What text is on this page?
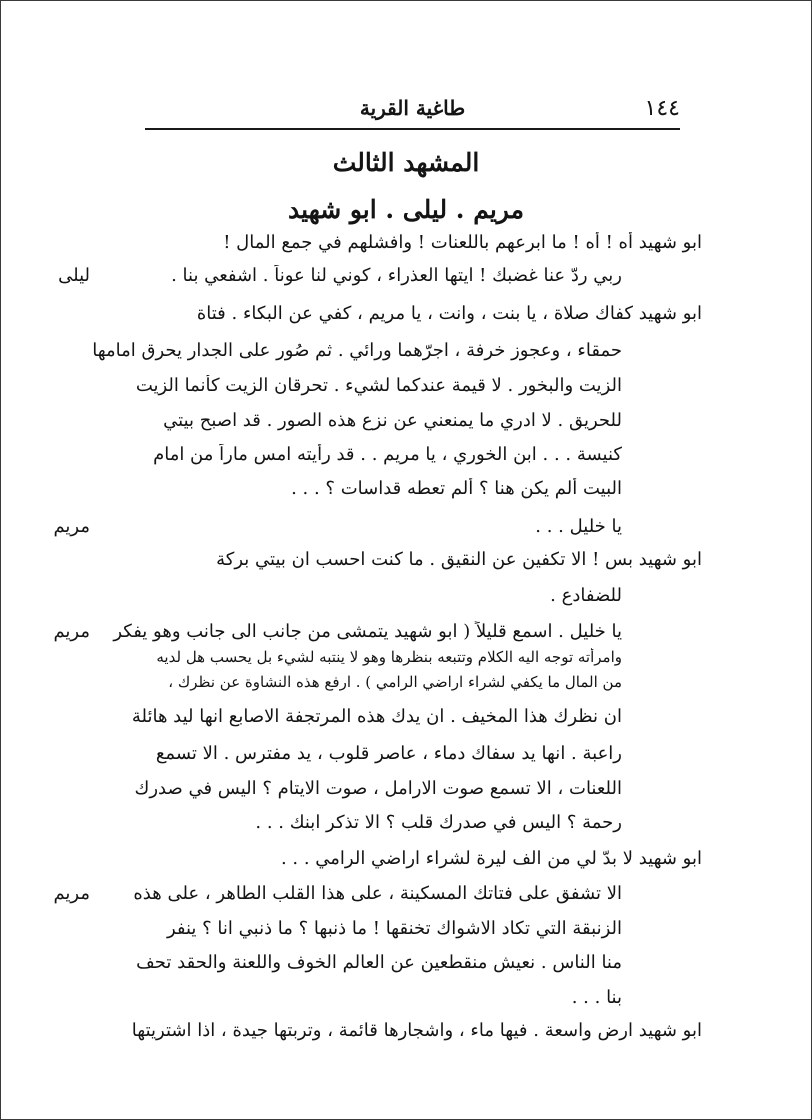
١٤٤
طاغية القرية
المشهد الثالث
مريم . ليلى . ابو شهيد
ابو شهيد أه ! أه ! ما ابرعهم باللعنات ! وافشلهم في جمع المال !
ليلى	ربي ردّ عنا غضبك ! ايتها العذراء ، كوني لنا عوناً . اشفعي بنا .
ابو شهيد كفاك صلاة ، يا بنت ، وانت ، يا مريم ، كفي عن البكاء . فتاة
حمقاء ، وعجوز خرفة ، اجرّهما ورائي . ثم صُور على الجدار يحرق امامها
الزيت والبخور . لا قيمة عندكما لشيء . تحرقان الزيت كأنما الزيت
للحريق . لا ادري ما يمنعني عن نزع هذه الصور . قد اصبح بيتي
كنيسة . . . ابن الخوري ، يا مريم . . قد رأيته امس ماراً من امام
البيت ألم يكن هنا ؟ ألم تعطه قداسات ؟ . . .
مريم	يا خليل . . .
ابو شهيد بس ! الا تكفين عن النقيق . ما كنت احسب ان بيتي بركة
للضفادع .
مريم	يا خليل . اسمع قليلاً ( ابو شهيد يتمشى من جانب الى جانب وهو يفكر
وامرأته توجه اليه الكلام وتتبعه بنظرها وهو لا ينتبه لشيء بل يحسب هل لديه
من المال ما يكفي لشراء اراضي الرامي ) . ارفع هذه النشاوة عن نظرك ،
ان نظرك هذا المخيف . ان يدك هذه المرتجفة الاصابع انها ليد هائلة
راعبة . انها يد سفاك دماء ، عاصر قلوب ، يد مفترس . الا تسمع
اللعنات ، الا تسمع صوت الارامل ، صوت الايتام ؟ اليس في صدرك
رحمة ؟ اليس في صدرك قلب ؟ الا تذكر ابنك . . .
ابو شهيد لا بدّ لي من الف ليرة لشراء اراضي الرامي . . .
مريم	الا تشفق على فتاتك المسكينة ، على هذا القلب الطاهر ، على هذه
الزنبقة التي تكاد الاشواك تخنقها ! ما ذنبها ؟ ما ذنبي انا ؟ ينفر
منا الناس . نعيش منقطعين عن العالم الخوف واللعنة والحقد تحف
بنا . . .
ابو شهيد ارض واسعة . فيها ماء ، واشجارها قائمة ، وتربتها جيدة ، اذا اشتريتها
